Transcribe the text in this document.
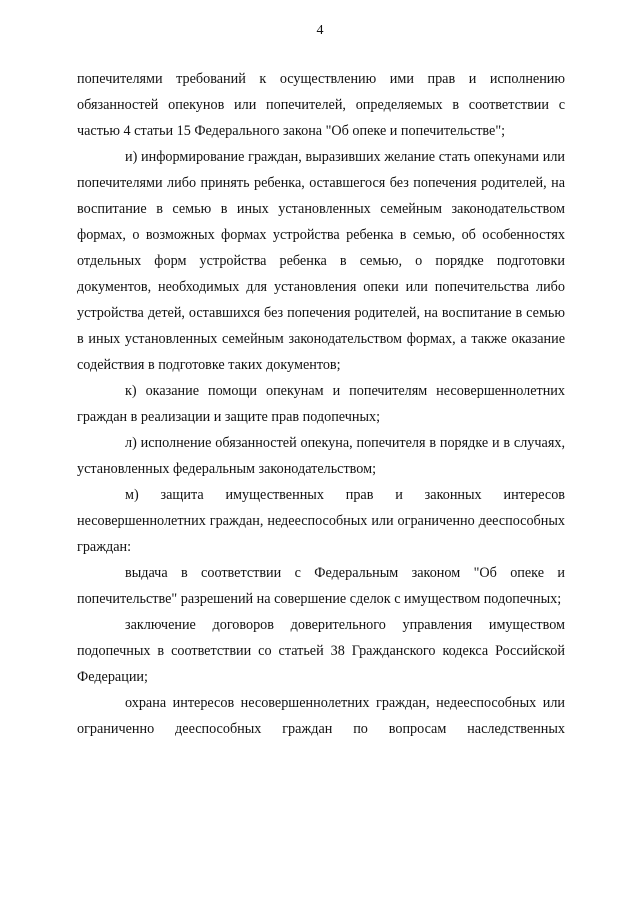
4

попечителями требований к осуществлению ими прав и исполнению обязанностей опекунов или попечителей, определяемых в соответствии с частью 4 статьи 15 Федерального закона "Об опеке и попечительстве";

и) информирование граждан, выразивших желание стать опекунами или попечителями либо принять ребенка, оставшегося без попечения родителей, на воспитание в семью в иных установленных семейным законодательством формах, о возможных формах устройства ребенка в семью, об особенностях отдельных форм устройства ребенка в семью, о порядке подготовки документов, необходимых для установления опеки или попечительства либо устройства детей, оставшихся без попечения родителей, на воспитание в семью в иных установленных семейным законодательством формах, а также оказание содействия в подготовке таких документов;

к) оказание помощи опекунам и попечителям несовершеннолетних граждан в реализации и защите прав подопечных;

л) исполнение обязанностей опекуна, попечителя в порядке и в случаях, установленных федеральным законодательством;

м) защита имущественных прав и законных интересов несовершеннолетних граждан, недееспособных или ограниченно дееспособных граждан:

выдача в соответствии с Федеральным законом "Об опеке и попечительстве" разрешений на совершение сделок с имуществом подопечных;

заключение договоров доверительного управления имуществом подопечных в соответствии со статьей 38 Гражданского кодекса Российской Федерации;

охрана интересов несовершеннолетних граждан, недееспособных или ограниченно дееспособных граждан по вопросам наследственных
